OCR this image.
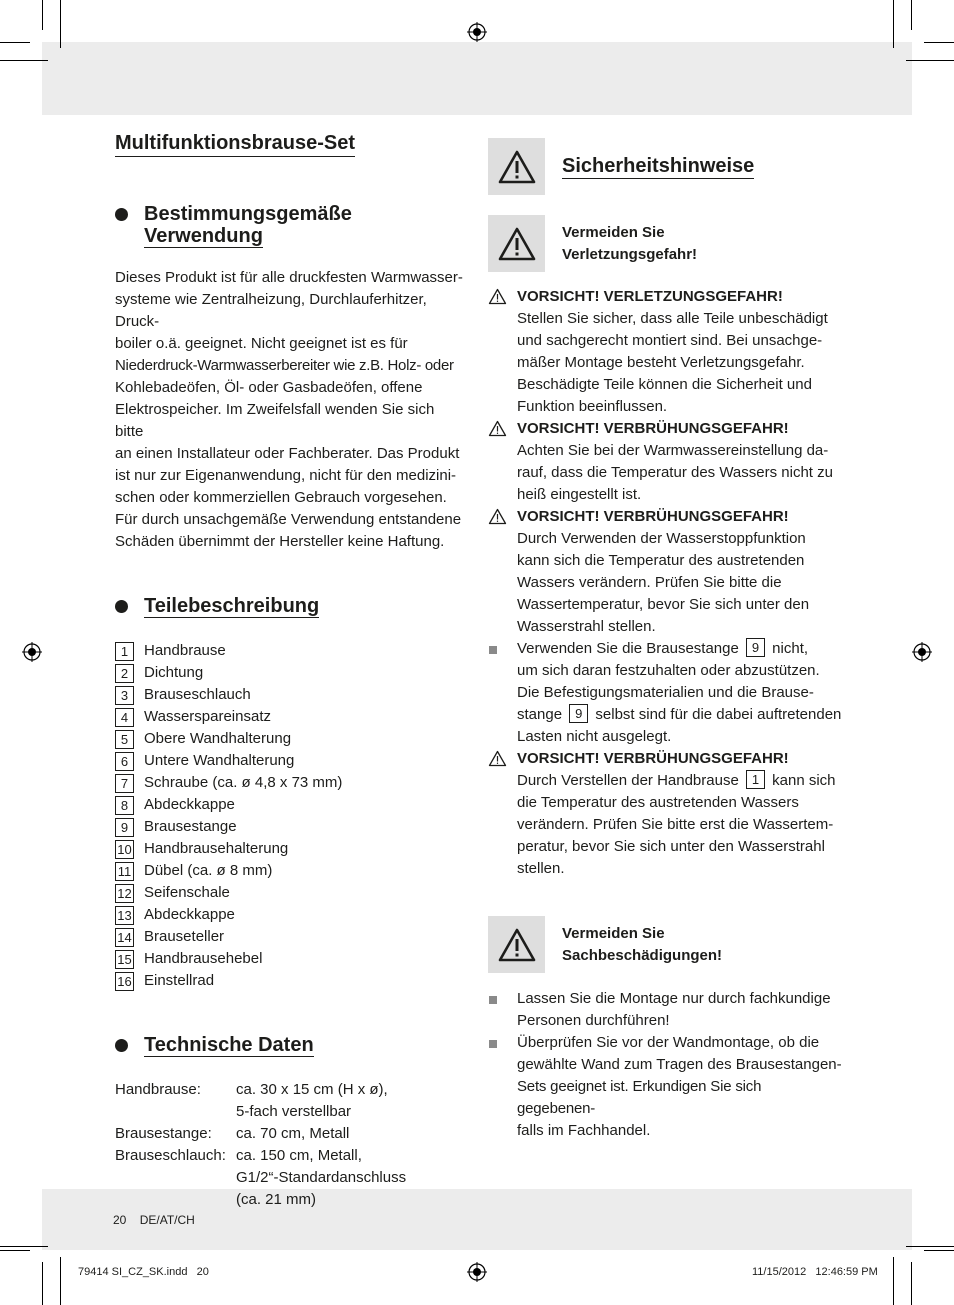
Multifunktionsbrause-Set
Bestimmungsgemäße
Verwendung

Dieses Produkt ist für alle druckfesten Warmwasser-

systeme wie Zentralheizung, Durchlauferhitzer, Druck-

boiler o.ä. geeignet. Nicht geeignet ist es für

Niederdruck-Warmwasserbereiter wie z.B. Holz- oder

Kohlebadeöfen, Öl- oder Gasbadeöfen, offene

Elektrospeicher. Im Zweifelsfall wenden Sie sich bitte

an einen Installateur oder Fachberater. Das Produkt

ist nur zur Eigenanwendung, nicht für den medizini-

schen oder kommerziellen Gebrauch vorgesehen.

Für durch unsachgemäße Verwendung entstandene

Schäden übernimmt der Hersteller keine Haftung.

Teilebeschreibung
1	Handbrause
2	Dichtung
3	Brauseschlauch
4	Wasserspareinsatz
5	Obere Wandhalterung
6	Untere Wandhalterung
7	Schraube (ca. ø 4,8 x 73 mm)
8	Abdeckkappe
9	Brausestange
10 Handbrausehalterung
11 Dübel (ca. ø 8 mm)
12 Seifenschale
13 Abdeckkappe
14 Brauseteller
15 Handbrausehebel
16 Einstellrad
Technische Daten
Handbrause:	ca. 30 x 15 cm (H x ø),
5-fach verstellbar
Brausestange:	ca. 70 cm, Metall
Brauseschlauch: ca. 150 cm, Metall,
G1/2“-Standardanschluss
(ca. 21 mm)
Sicherheitshinweise
Vermeiden Sie
Verletzungsgefahr!
VORSICHT! VERLETZUNGSGEFAHR!
Stellen Sie sicher, dass alle Teile unbeschädigt
und sachgerecht montiert sind. Bei unsachge-
mäßer Montage besteht Verletzungsgefahr.
Beschädigte Teile können die Sicherheit und
Funktion beeinflussen.
VORSICHT! VERBRÜHUNGSGEFAHR!
Achten Sie bei der Warmwassereinstellung da-
rauf, dass die Temperatur des Wassers nicht zu
heiß eingestellt ist.
VORSICHT! VERBRÜHUNGSGEFAHR!
Durch Verwenden der Wasserstoppfunktion
kann sich die Temperatur des austretenden
Wassers verändern. Prüfen Sie bitte die
Wassertemperatur, bevor Sie sich unter den
Wasserstrahl stellen.
Verwenden Sie die Brausestange 9 nicht,
um sich daran festzuhalten oder abzustützen.
Die Befestigungsmaterialien und die Brause-
stange 9 selbst sind für die dabei auftretenden
Lasten nicht ausgelegt.
VORSICHT! VERBRÜHUNGSGEFAHR!
Durch Verstellen der Handbrause 1 kann sich
die Temperatur des austretenden Wassers
verändern. Prüfen Sie bitte erst die Wassertem-
peratur, bevor Sie sich unter den Wasserstrahl
stellen.
Vermeiden Sie
Sachbeschädigungen!
Lassen Sie die Montage nur durch fachkundige
Personen durchführen!
Überprüfen Sie vor der Wandmontage, ob die
gewählte Wand zum Tragen des Brausestangen-
Sets geeignet ist. Erkundigen Sie sich gegebenen-
falls im Fachhandel.
20 DE/AT/CH
79414 SI_CZ_SK.indd   20	11/15/2012   12:46:59 PM
